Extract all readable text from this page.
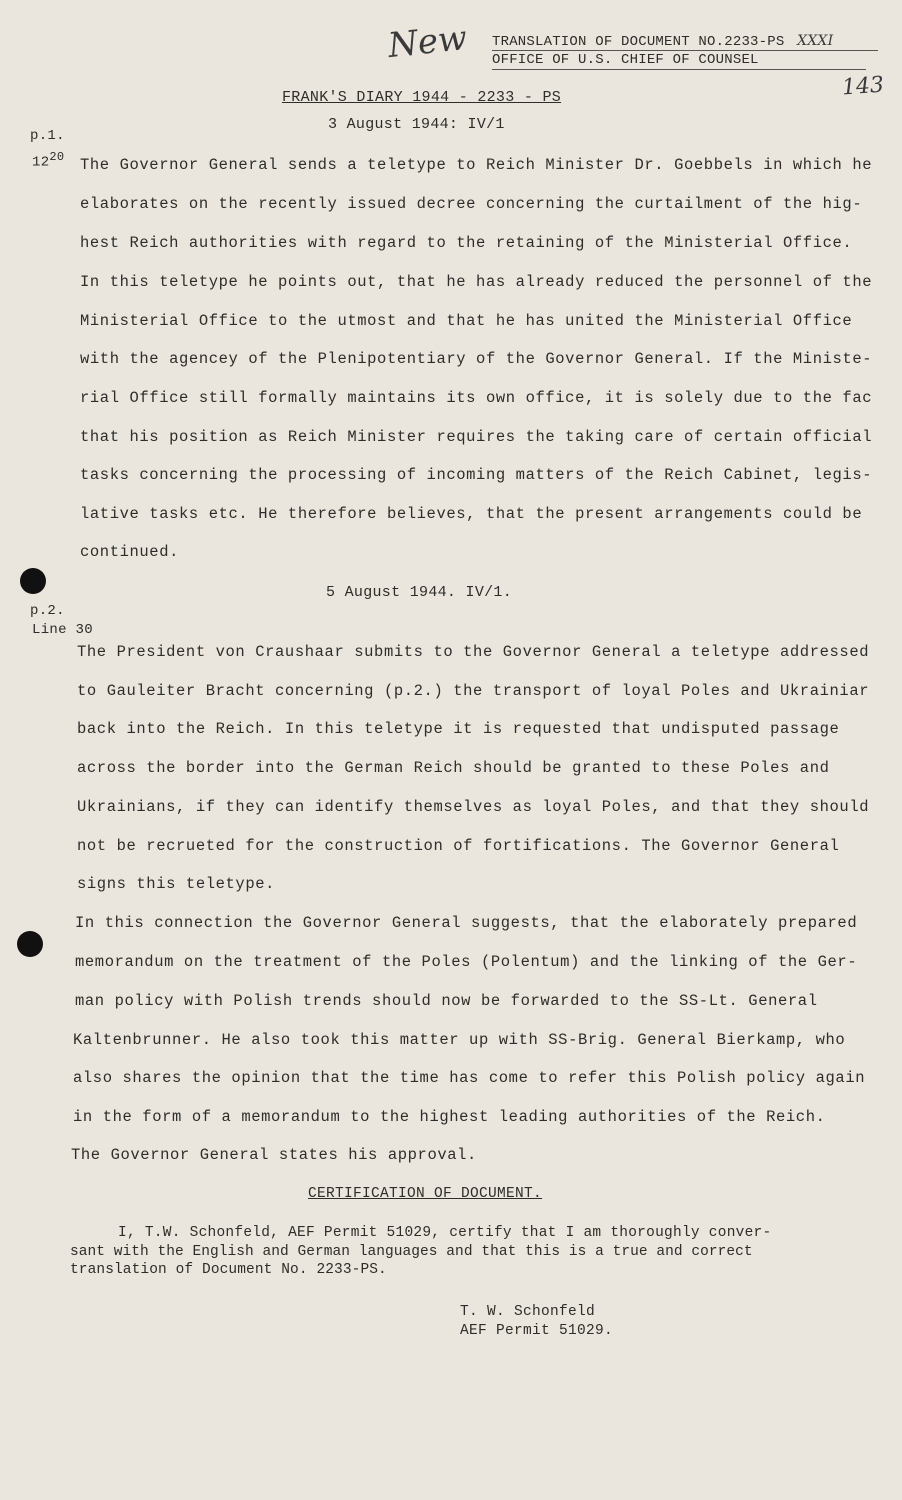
New
143
TRANSLATION OF DOCUMENT NO.2233-PS XXXI
OFFICE OF U.S. CHIEF OF COUNSEL
FRANK'S DIARY 1944 - 2233 - PS
3 August 1944: IV/1
p.1.
$12^{20}$
p.2.
Line 30
The Governor General sends a teletype to Reich Minister Dr. Goebbels in which he
elaborates on the recently issued decree concerning the curtailment of the hig-
hest Reich authorities with regard to the retaining of the Ministerial Office.
In this teletype he points out, that he has already reduced the personnel of the
Ministerial Office to the utmost and that he has united the Ministerial Office
with the agencey of the Plenipotentiary of the Governor General. If the Ministe-
rial Office still formally maintains its own office, it is solely due to the fac
that his position as Reich Minister requires the taking care of certain official
tasks concerning the processing of incoming matters of the Reich Cabinet, legis-
lative tasks etc. He therefore believes, that the present arrangements could be
continued.
5 August 1944. IV/1.
The President von Craushaar submits to the Governor General a teletype addressed
to Gauleiter Bracht concerning (p.2.) the transport of loyal Poles and Ukrainiar
back into the Reich. In this teletype it is requested that undisputed passage
across the border into the German Reich should be granted to these Poles and
Ukrainians, if they can identify themselves as loyal Poles, and that they should
not be recrueted for the construction of fortifications. The Governor General
signs this teletype.
In this connection the Governor General suggests, that the elaborately prepared
memorandum on the treatment of the Poles (Polentum) and the linking of the Ger-
man policy with Polish trends should now be forwarded to the SS-Lt. General
Kaltenbrunner. He also took this matter up with SS-Brig. General Bierkamp, who
also shares the opinion that the time has come to refer this Polish policy again
in the form of a memorandum to the highest leading authorities of the Reich.
The Governor General states his approval.
CERTIFICATION OF DOCUMENT.
I, T.W. Schonfeld, AEF Permit 51029, certify that I am thoroughly conver-
sant with the English and German languages and that this is a true and correct
translation of Document No. 2233-PS.
T. W. Schonfeld
AEF Permit 51029.
